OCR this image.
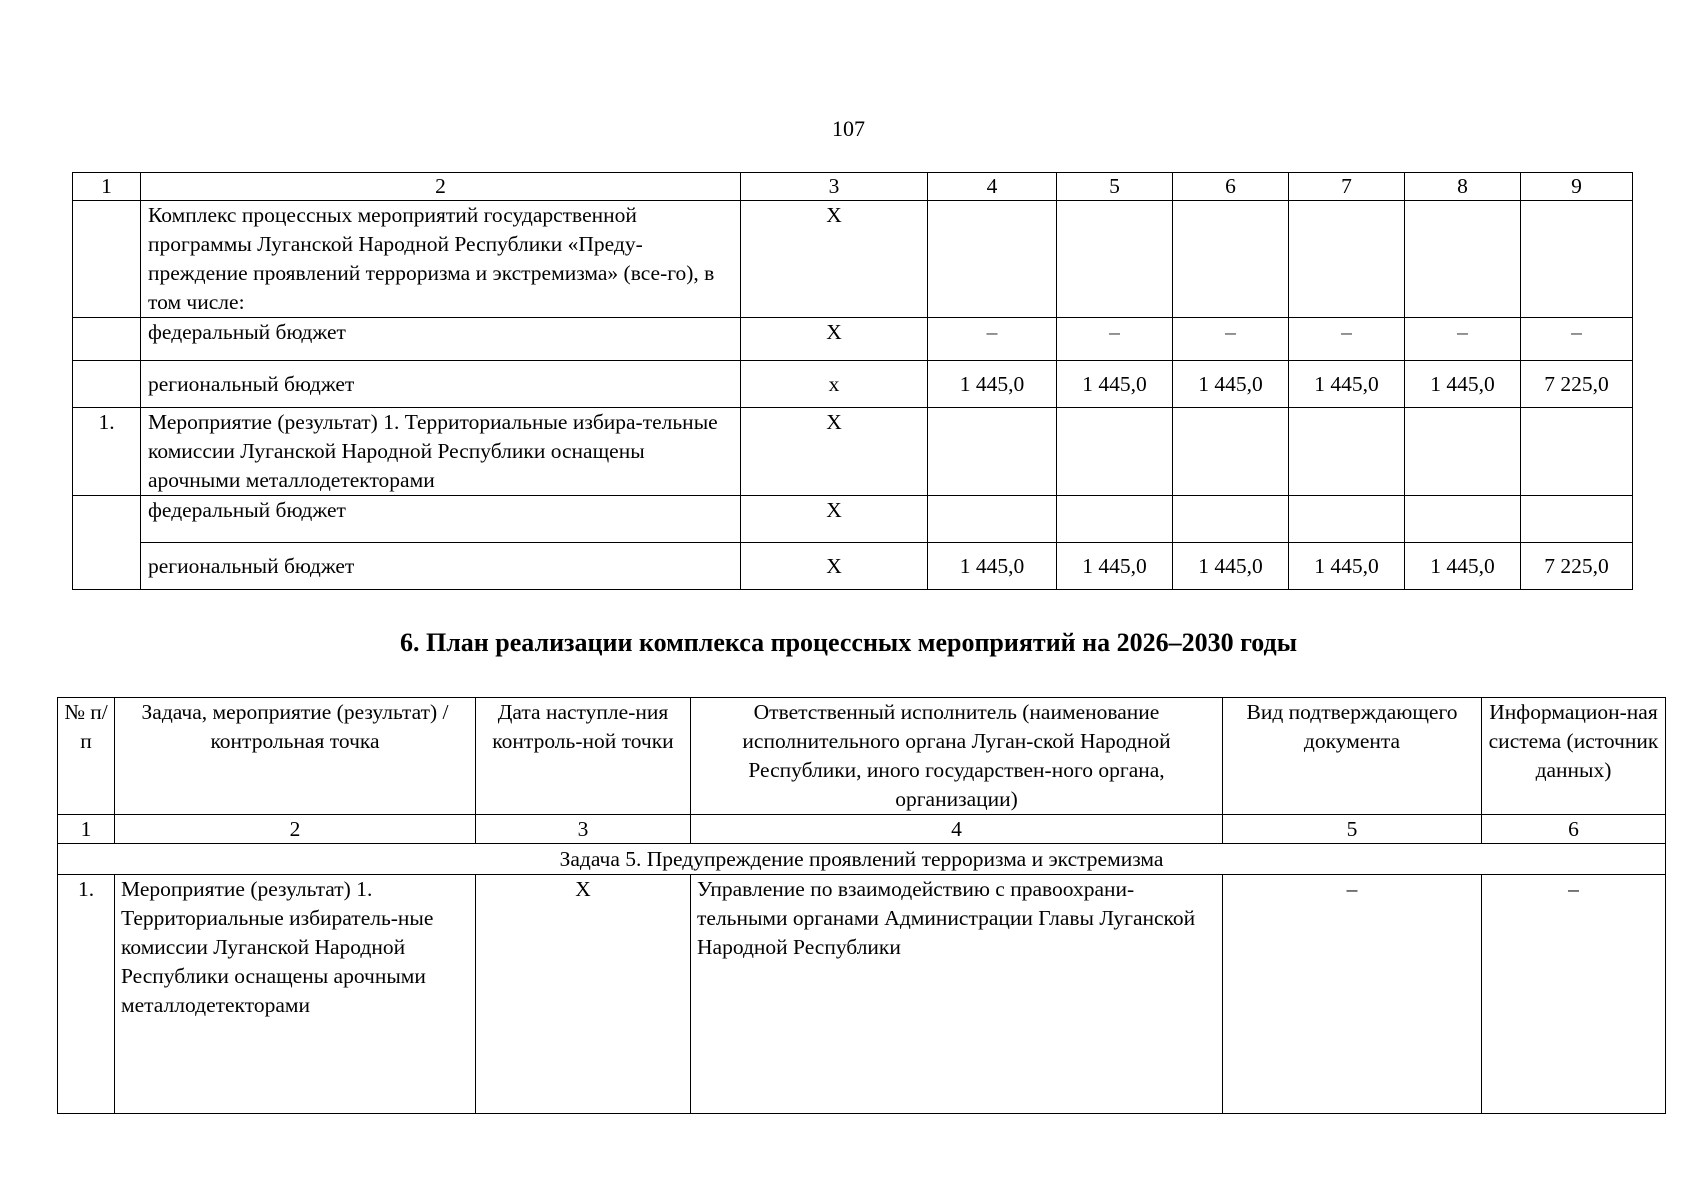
107
1	2	3	4	5	6	7	8	9
	Комплекс процессных мероприятий государственной программы Луганской Народной Республики «Преду-преждение проявлений терроризма и экстремизма» (все-го), в том числе:	X						
	федеральный бюджет	X	–	–	–	–	–	–
	региональный бюджет	x	1 445,0	1 445,0	1 445,0	1 445,0	1 445,0	7 225,0
1.	Мероприятие (результат) 1. Территориальные избира-тельные комиссии Луганской Народной Республики оснащены арочными металлодетекторами	X						
	федеральный бюджет	X						
	региональный бюджет	X	1 445,0	1 445,0	1 445,0	1 445,0	1 445,0	7 225,0
6. План реализации комплекса процессных мероприятий на 2026–2030 годы
№ п/п	Задача, мероприятие (результат) / контрольная точка	Дата наступле-ния контроль-ной точки	Ответственный исполнитель (наименование исполнительного органа Луган-ской Народной Республики, иного государствен-ного органа, организации)	Вид подтверждающего документа	Информацион-ная система (источник данных)
1	2	3	4	5	6
Задача 5. Предупреждение проявлений терроризма и экстремизма					
1.	Мероприятие (результат) 1. Территориальные избиратель-ные комиссии Луганской Народной Республики оснащены арочными металлодетекторами	X	Управление по взаимодействию с правоохрани-тельными органами Администрации Главы Луганской Народной Республики	–	–
